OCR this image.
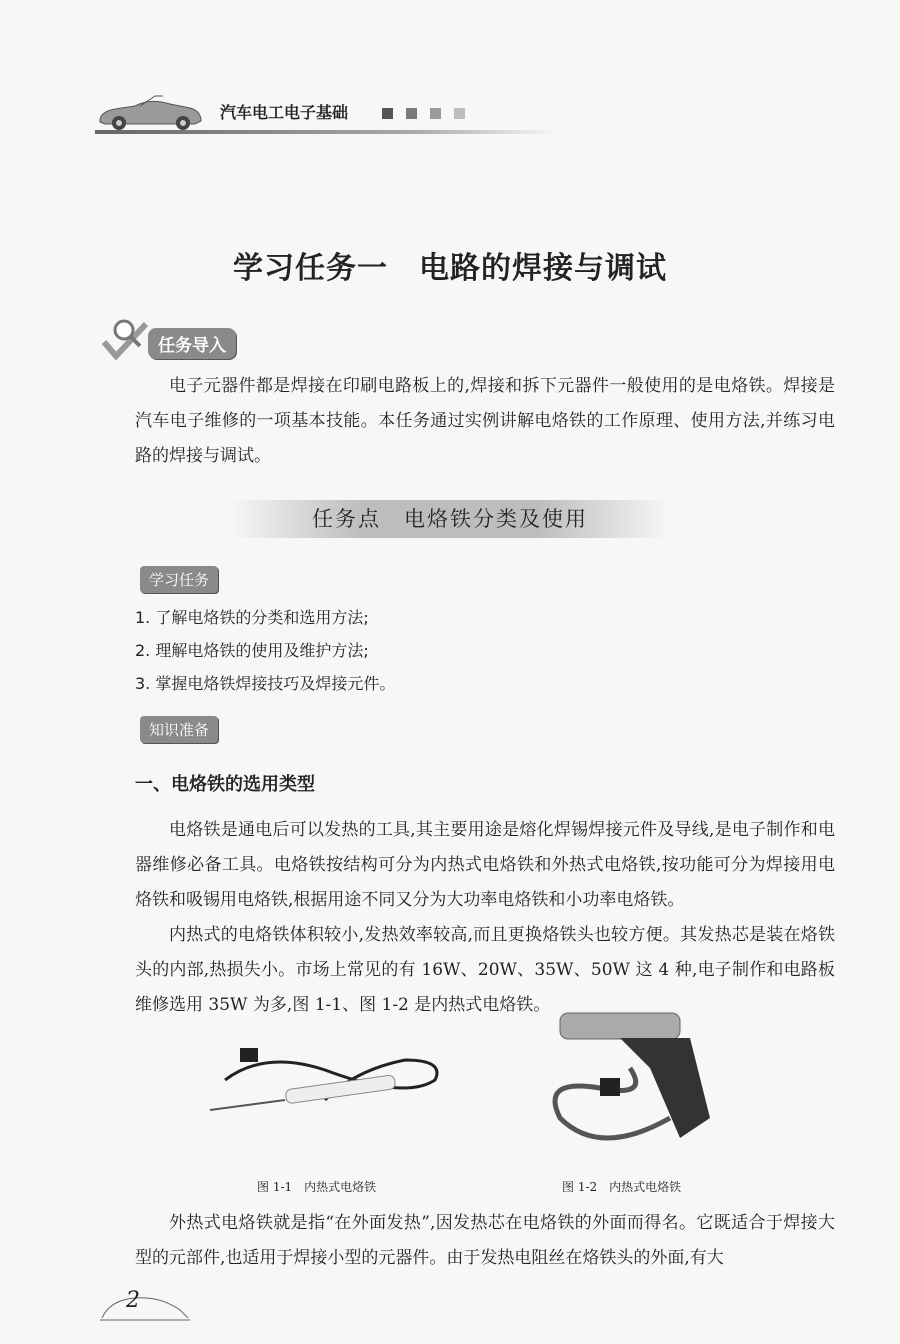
汽车电工电子基础
学习任务一　电路的焊接与调试
任务导入

电子元器件都是焊接在印刷电路板上的,焊接和拆下元器件一般使用的是电烙铁。焊接是汽车电子维修的一项基本技能。本任务通过实例讲解电烙铁的工作原理、使用方法,并练习电路的焊接与调试。

任务点　电烙铁分类及使用
学习任务
1. 了解电烙铁的分类和选用方法;
2. 理解电烙铁的使用及维护方法;
3. 掌握电烙铁焊接技巧及焊接元件。
知识准备
一、电烙铁的选用类型

电烙铁是通电后可以发热的工具,其主要用途是熔化焊锡焊接元件及导线,是电子制作和电器维修必备工具。电烙铁按结构可分为内热式电烙铁和外热式电烙铁,按功能可分为焊接用电烙铁和吸锡用电烙铁,根据用途不同又分为大功率电烙铁和小功率电烙铁。

内热式的电烙铁体积较小,发热效率较高,而且更换烙铁头也较方便。其发热芯是装在烙铁头的内部,热损失小。市场上常见的有 16W、20W、35W、50W 这 4 种,电子制作和电路板维修选用 35W 为多,图 1-1、图 1-2 是内热式电烙铁。

图 1-1　内热式电烙铁	图 1-2　内热式电烙铁

外热式电烙铁就是指“在外面发热”,因发热芯在电烙铁的外面而得名。它既适合于焊接大型的元部件,也适用于焊接小型的元器件。由于发热电阻丝在烙铁头的外面,有大

2
